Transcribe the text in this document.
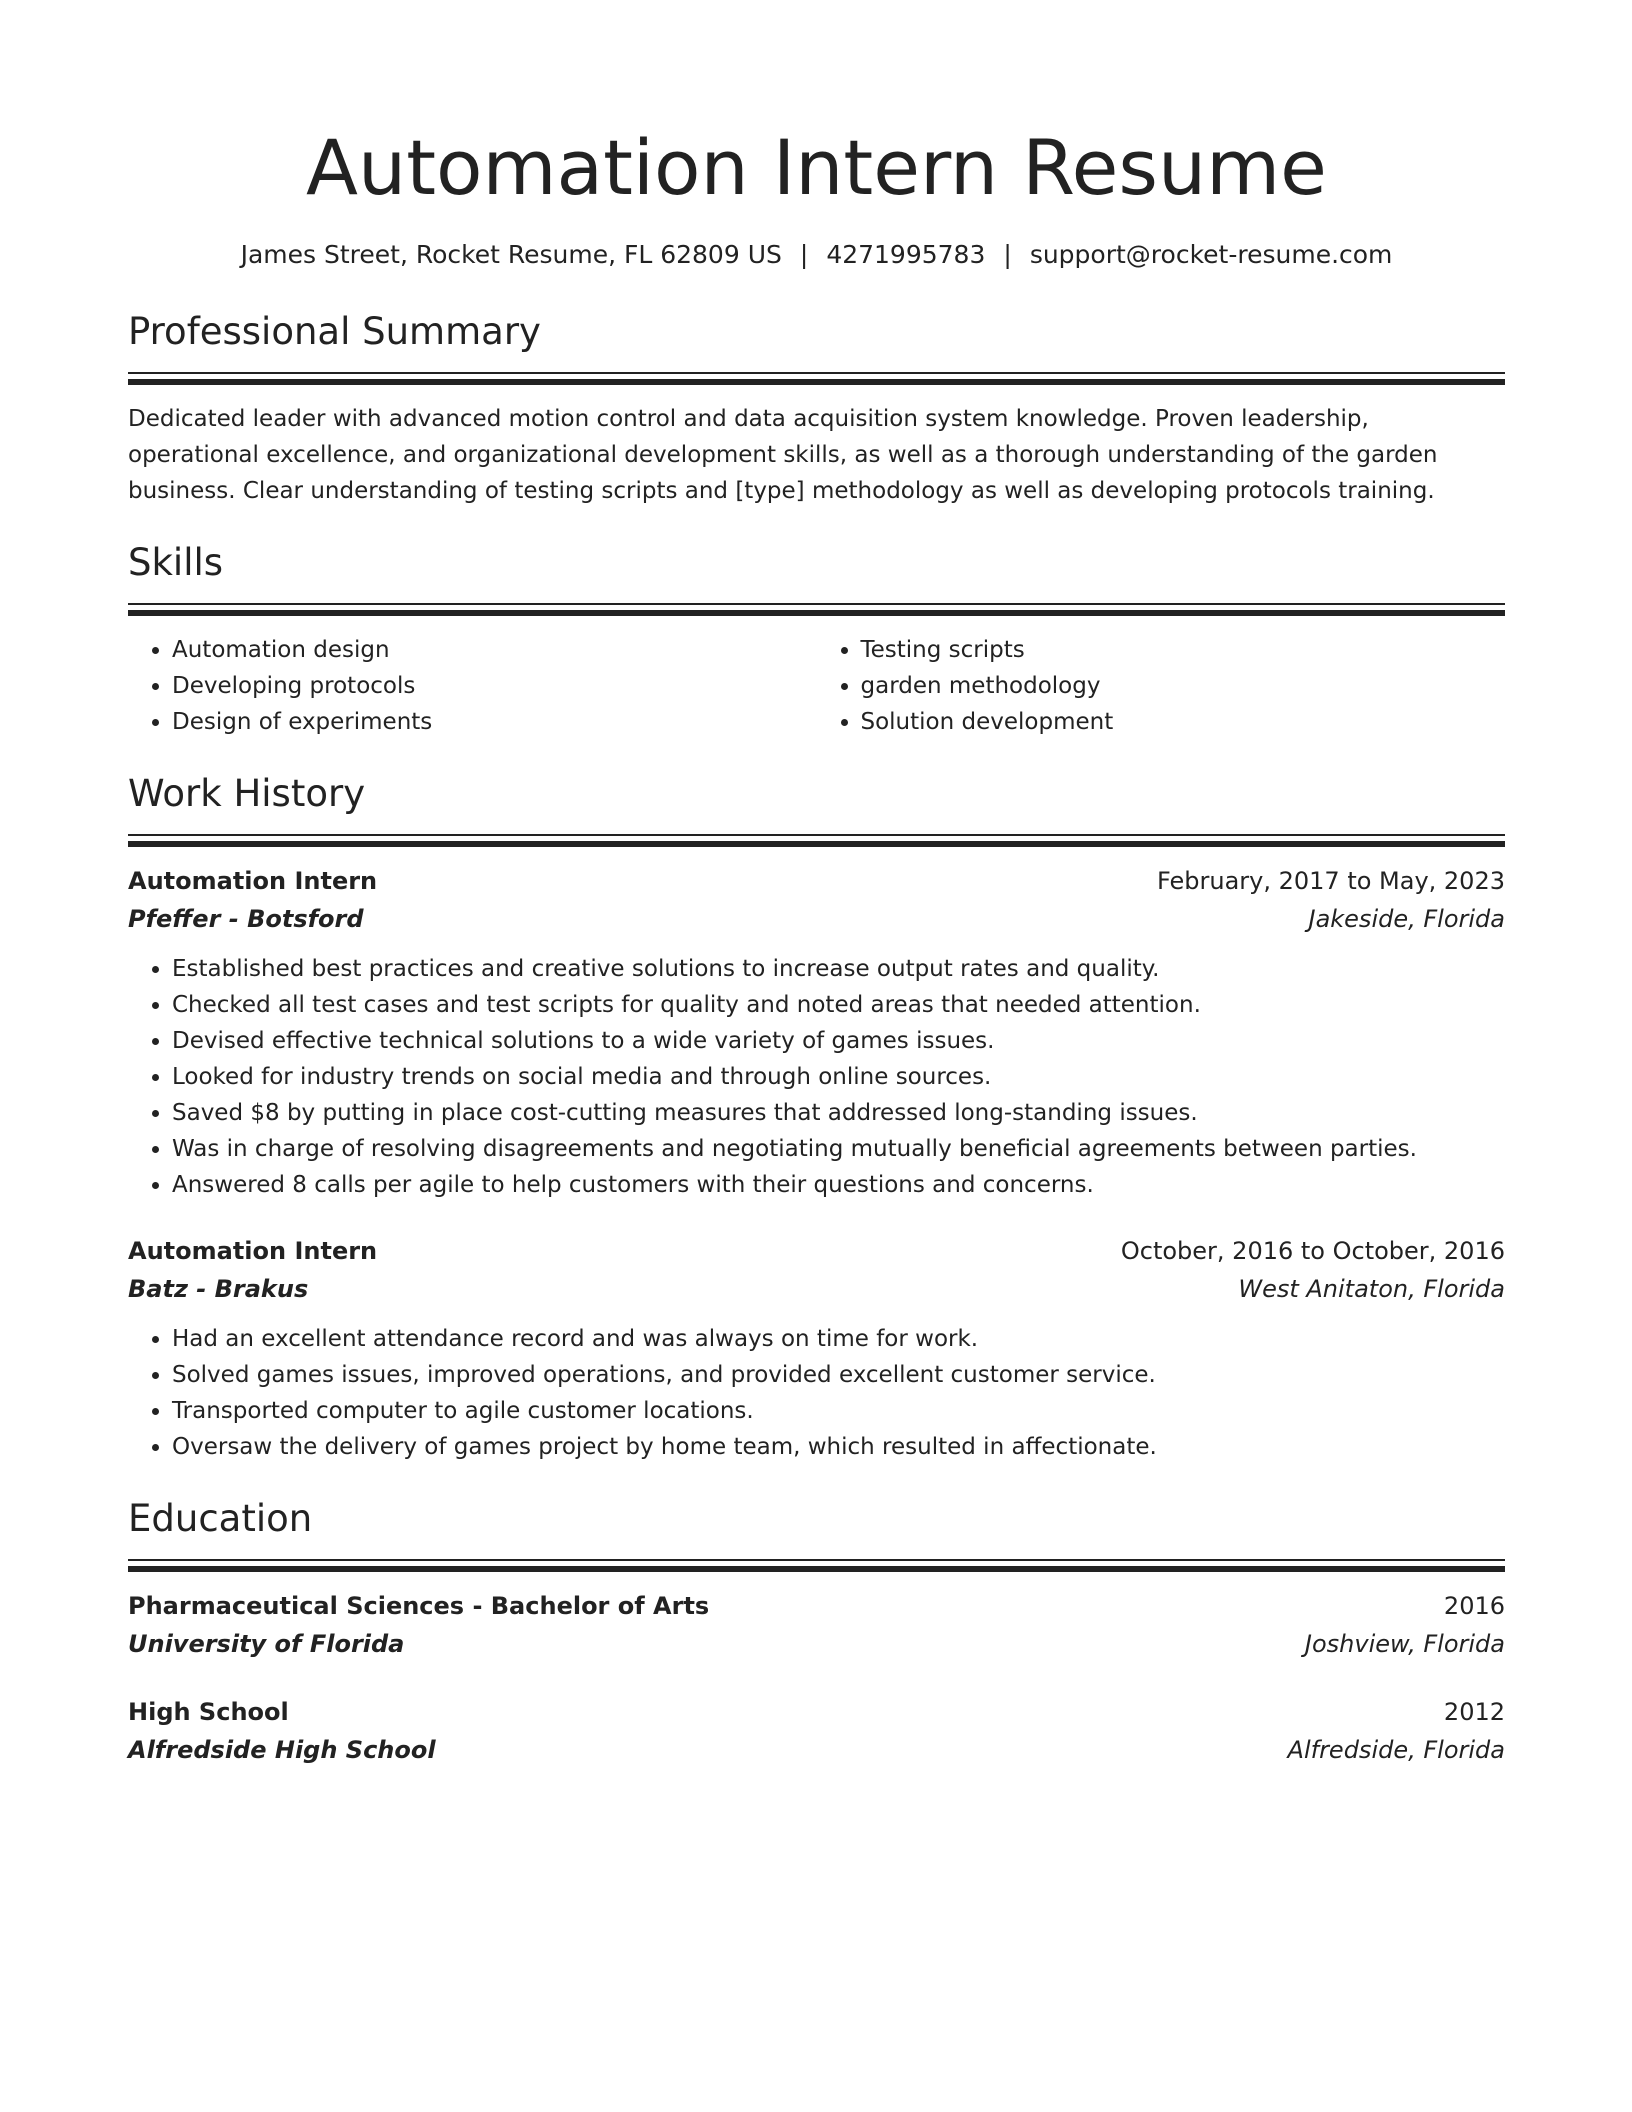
Automation Intern Resume
James Street, Rocket Resume, FL 62809 US | 4271995783 | support@rocket-resume.com
Professional Summary
Dedicated leader with advanced motion control and data acquisition system knowledge. Proven leadership, operational excellence, and organizational development skills, as well as a thorough understanding of the garden business. Clear understanding of testing scripts and [type] methodology as well as developing protocols training.
Skills
• Automation design
• Developing protocols
• Design of experiments
• Testing scripts
• garden methodology
• Solution development
Work History
Automation Intern	February, 2017 to May, 2023
Pfeffer - Botsford	Jakeside, Florida
• Established best practices and creative solutions to increase output rates and quality.
• Checked all test cases and test scripts for quality and noted areas that needed attention.
• Devised effective technical solutions to a wide variety of games issues.
• Looked for industry trends on social media and through online sources.
• Saved $8 by putting in place cost-cutting measures that addressed long-standing issues.
• Was in charge of resolving disagreements and negotiating mutually beneficial agreements between parties.
• Answered 8 calls per agile to help customers with their questions and concerns.
Automation Intern	October, 2016 to October, 2016
Batz - Brakus	West Anitaton, Florida
• Had an excellent attendance record and was always on time for work.
• Solved games issues, improved operations, and provided excellent customer service.
• Transported computer to agile customer locations.
• Oversaw the delivery of games project by home team, which resulted in affectionate.
Education
Pharmaceutical Sciences - Bachelor of Arts	2016
University of Florida	Joshview, Florida
High School	2012
Alfredside High School	Alfredside, Florida
